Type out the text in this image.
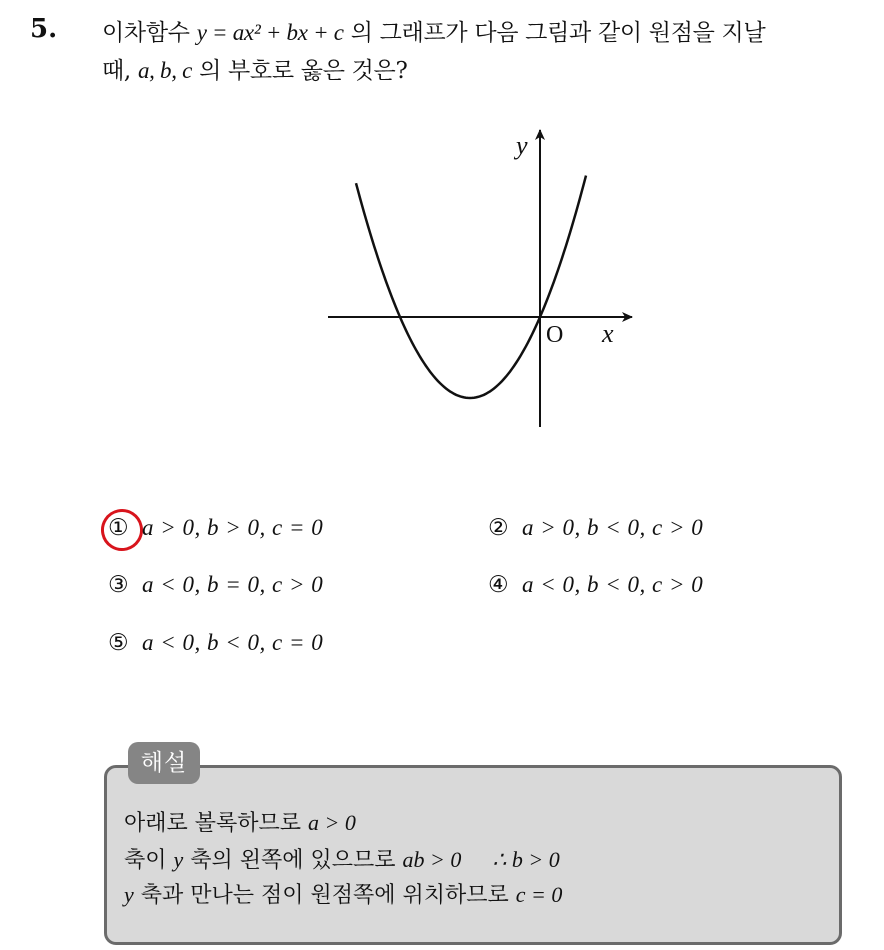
5. 이차함수 y = ax² + bx + c 의 그래프가 다음 그림과 같이 원점을 지날
때, a, b, c 의 부호로 옳은 것은?
y
x
O
① a > 0, b > 0, c = 0	② a > 0, b < 0, c > 0
③ a < 0, b = 0, c > 0	④ a < 0, b < 0, c > 0
⑤ a < 0, b < 0, c = 0
해설
아래로 볼록하므로 a > 0
축이 y 축의 왼쪽에 있으므로 ab > 0 ∴ b > 0
y 축과 만나는 점이 원점쪽에 위치하므로 c = 0
